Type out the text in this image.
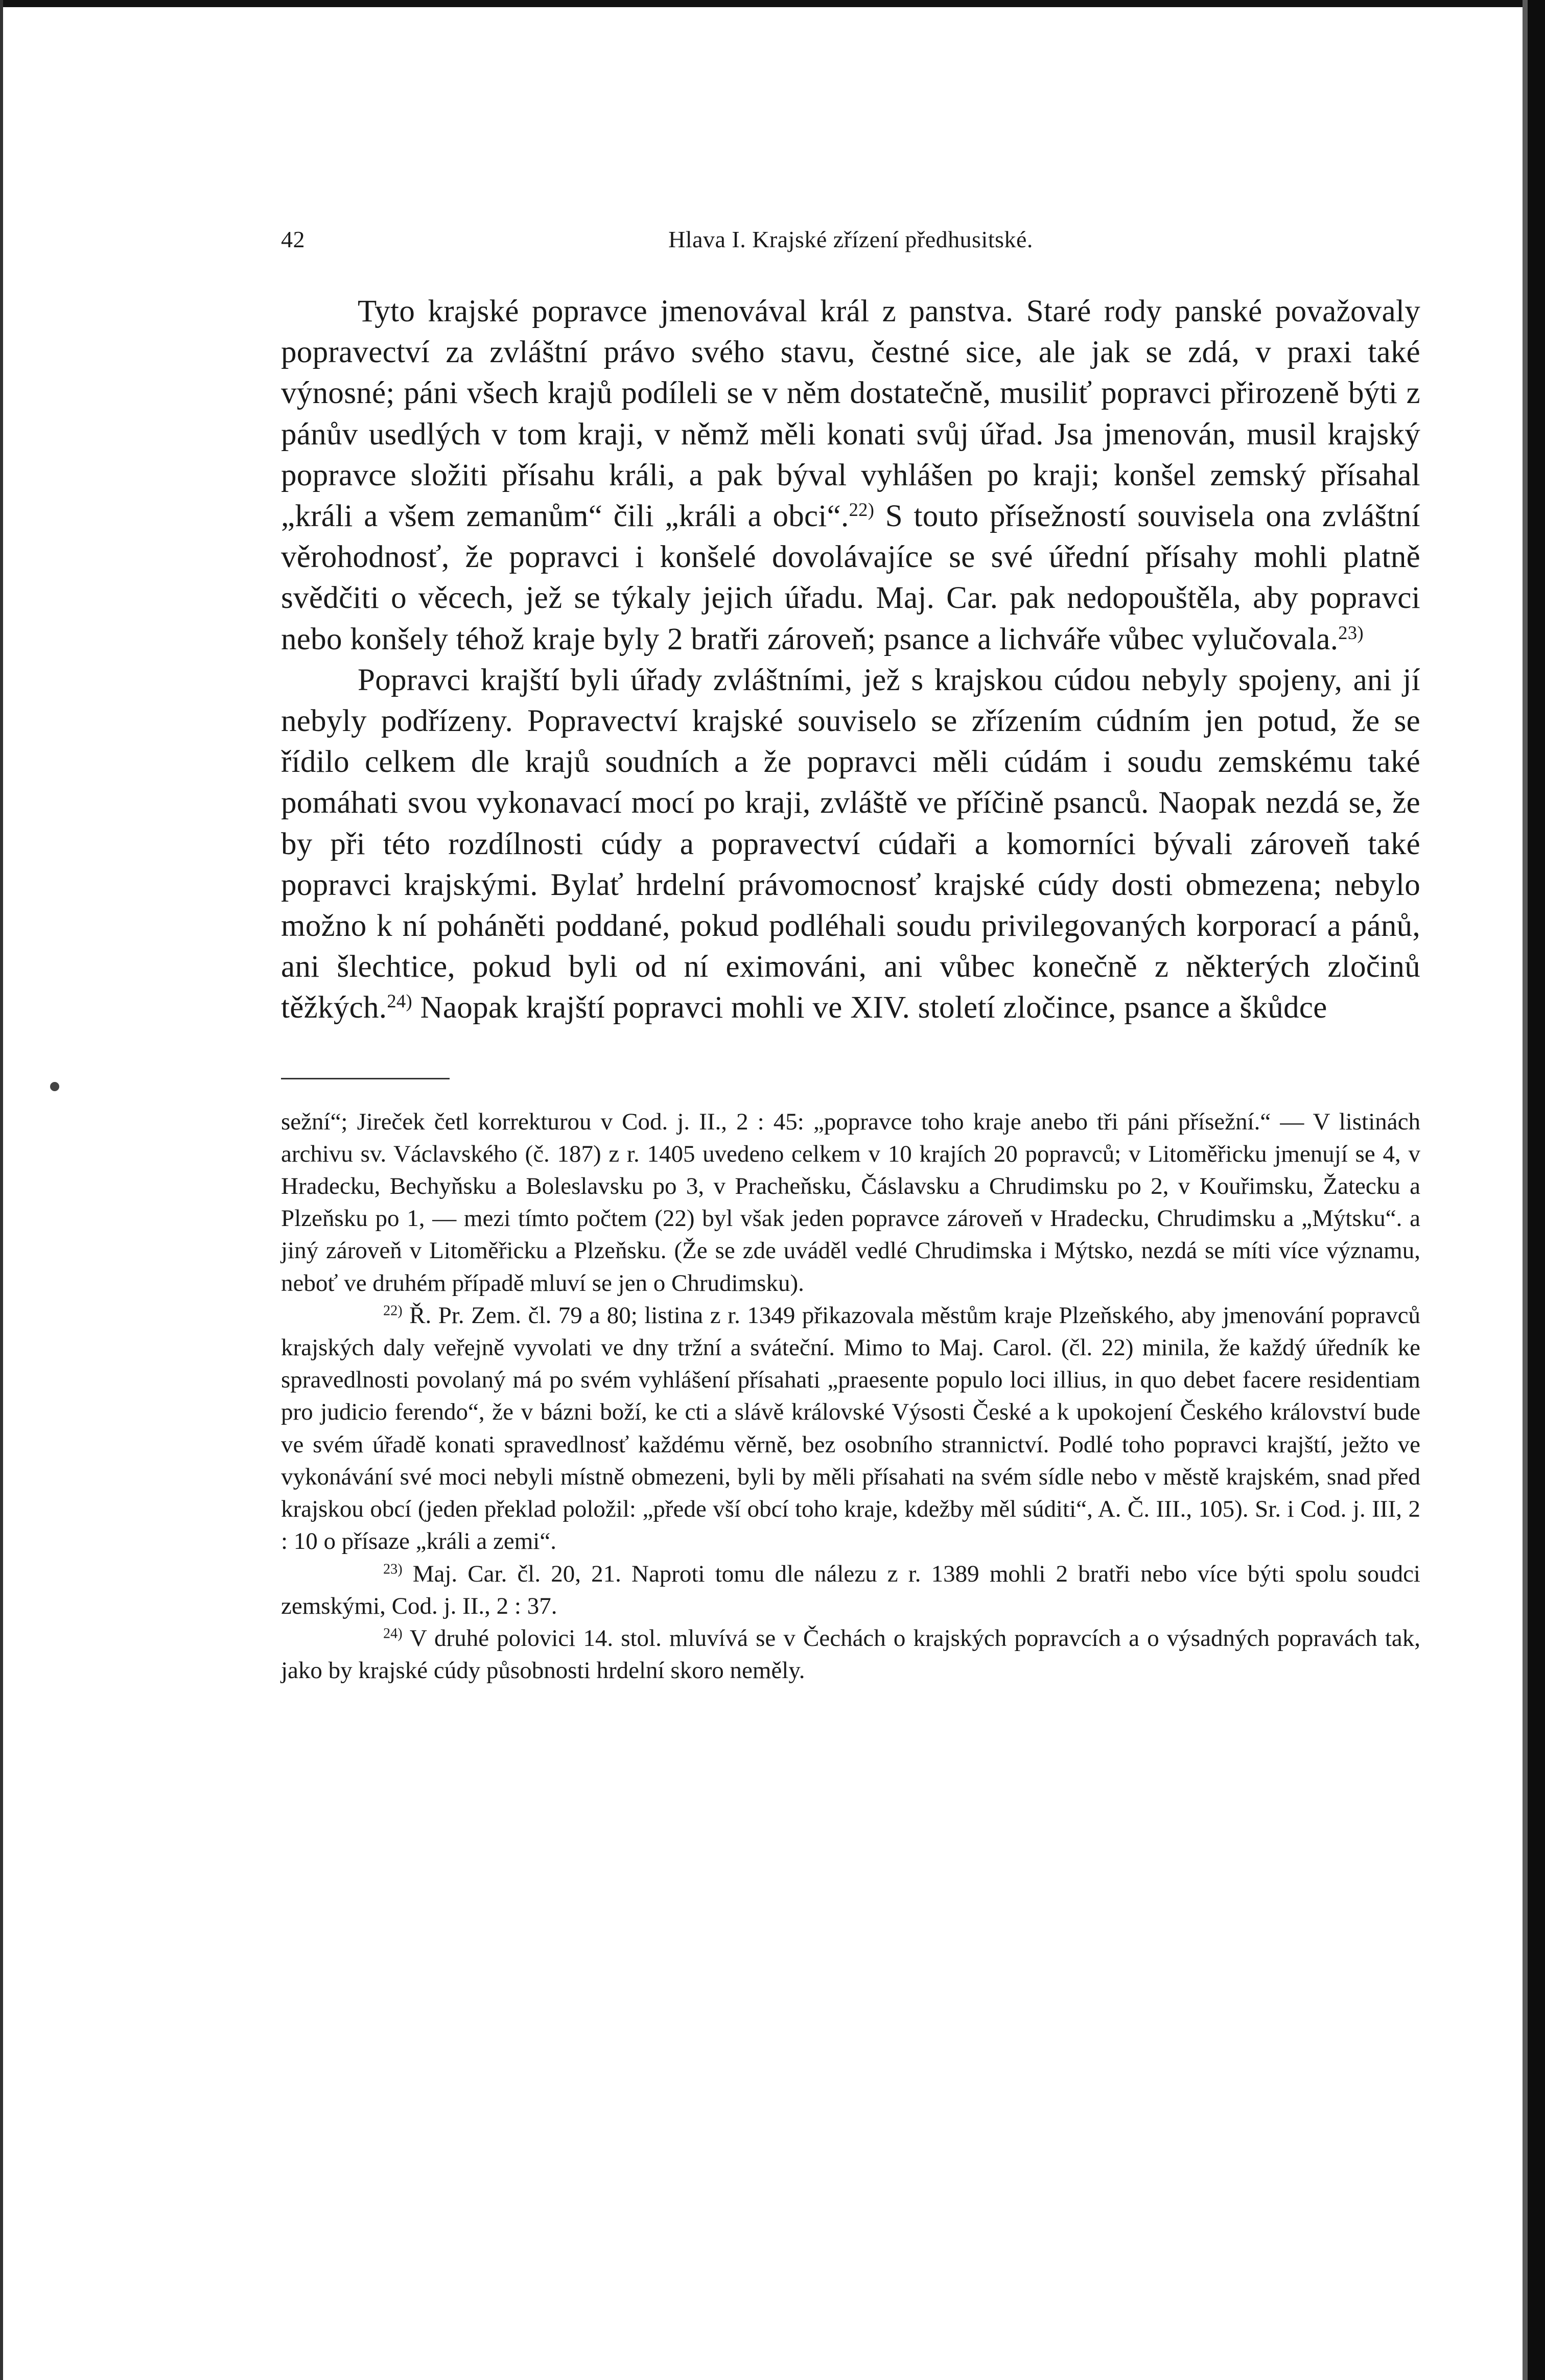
42	Hlava I. Krajské zřízení předhusitské.

Tyto krajské popravce jmenovával král z panstva. Staré rody panské považovaly popravectví za zvláštní právo svého stavu, čestné sice, ale jak se zdá, v praxi také výnosné; páni všech krajů podíleli se v něm dostatečně, musiliť popravci přirozeně býti z pánův usedlých v tom kraji, v němž měli konati svůj úřad. Jsa jmenován, musil krajský popravce složiti přísahu králi, a pak býval vyhlášen po kraji; konšel zemský přísahal „králi a všem zemanům“ čili „králi a obci“.$^{22)}$ S touto přísežností souvisela ona zvláštní věrohodnosť, že popravci i konšelé dovolávajíce se své úřední přísahy mohli platně svědčiti o věcech, jež se týkaly jejich úřadu. Maj. Car. pak nedopouštěla, aby popravci nebo konšely téhož kraje byly 2 bratři zároveň; psance a lichváře vůbec vylučovala.$^{23)}$

Popravci krajští byli úřady zvláštními, jež s krajskou cúdou nebyly spojeny, ani jí nebyly podřízeny. Popravectví krajské souviselo se zřízením cúdním jen potud, že se řídilo celkem dle krajů soudních a že popravci měli cúdám i soudu zemskému také pomáhati svou vykonavací mocí po kraji, zvláště ve příčině psanců. Naopak nezdá se, že by při této rozdílnosti cúdy a popravectví cúdaři a komorníci bývali zároveň také popravci krajskými. Bylať hrdelní právomocnosť krajské cúdy dosti obmezena; nebylo možno k ní poháněti poddané, pokud podléhali soudu privilegovaných korporací a pánů, ani šlechtice, pokud byli od ní eximováni, ani vůbec konečně z některých zločinů těžkých.$^{24)}$ Naopak krajští popravci mohli ve XIV. století zločince, psance a škůdce

sežní“; Jireček četl korrekturou v Cod. j. II., 2 : 45: „popravce toho kraje anebo tři páni přísežní.“ — V listinách archivu sv. Václavského (č. 187) z r. 1405 uvedeno celkem v 10 krajích 20 popravců; v Litoměřicku jmenují se 4, v Hradecku, Bechyňsku a Boleslavsku po 3, v Pracheňsku, Čáslavsku a Chrudimsku po 2, v Kouřimsku, Žatecku a Plzeňsku po 1, — mezi tímto počtem (22) byl však jeden popravce zároveň v Hradecku, Chrudimsku a „Mýtsku“. a jiný zároveň v Litoměřicku a Plzeňsku. (Že se zde uváděl vedlé Chrudimska i Mýtsko, nezdá se míti více významu, neboť ve druhém případě mluví se jen o Chrudimsku).

$^{22)}$ Ř. Pr. Zem. čl. 79 a 80; listina z r. 1349 přikazovala městům kraje Plzeňského, aby jmenování popravců krajských daly veřejně vyvolati ve dny tržní a sváteční. Mimo to Maj. Carol. (čl. 22) minila, že každý úředník ke spravedlnosti povolaný má po svém vyhlášení přísahati „praesente populo loci illius, in quo debet facere residentiam pro judicio ferendo“, že v bázni boží, ke cti a slávě královské Výsosti České a k upokojení Českého království bude ve svém úřadě konati spravedlnosť každému věrně, bez osobního strannictví. Podlé toho popravci krajští, ježto ve vykonávání své moci nebyli místně obmezeni, byli by měli přísahati na svém sídle nebo v městě krajském, snad před krajskou obcí (jeden překlad položil: „přede vší obcí toho kraje, kdežby měl súditi“, A. Č. III., 105). Sr. i Cod. j. III, 2 : 10 o přísaze „králi a zemi“.

$^{23)}$ Maj. Car. čl. 20, 21. Naproti tomu dle nálezu z r. 1389 mohli 2 bratři nebo více býti spolu soudci zemskými, Cod. j. II., 2 : 37.

$^{24)}$ V druhé polovici 14. stol. mluvívá se v Čechách o krajských popravcích a o výsadných popravách tak, jako by krajské cúdy působnosti hrdelní skoro neměly.
